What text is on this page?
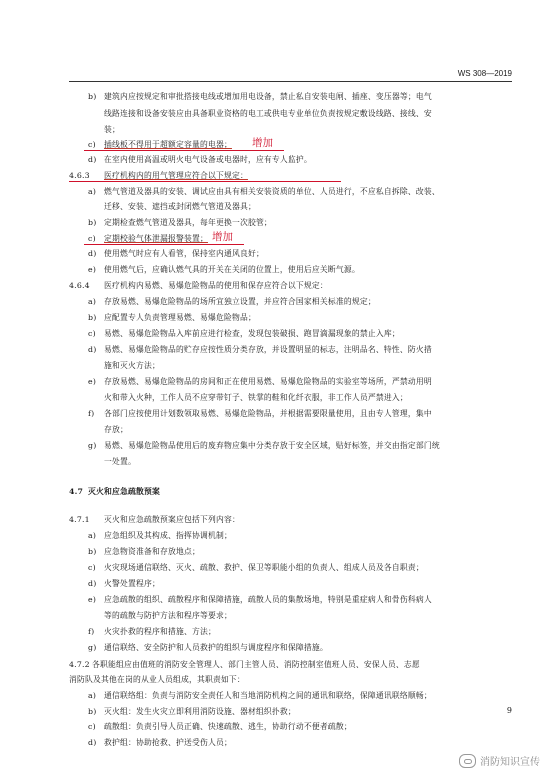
WS 308—2019
b) 建筑内应按规定和审批搭接电线或增加用电设备，禁止私自安装电闸、插座、变压器等；电气
线路连接和设备安装应由具备职业资格的电工或供电专业单位负责按规定敷设线路、接线、安
装；
c) 插线板不得用于超额定容量的电器； 增加
d) 在室内使用高温或明火电气设备或电器时，应有专人监护。
4.6.3 医疗机构内的用气管理应符合以下规定：
a) 燃气管道及器具的安装、调试应由具有相关安装资质的单位、人员进行，不应私自拆除、改装、
迁移、安装、遮挡或封闭燃气管道及器具；
b) 定期检查燃气管道及器具，每年更换一次胶管；
c) 定期校验气体泄漏报警装置； 增加
d) 使用燃气时应有人看管，保持室内通风良好；
e) 使用燃气后，应确认燃气具的开关在关闭的位置上，使用后应关断气源。
4.6.4 医疗机构内易燃、易爆危险物品的使用和保存应符合以下规定：
a) 存放易燃、易爆危险物品的场所宜独立设置，并应符合国家相关标准的规定；
b) 应配置专人负责管理易燃、易爆危险物品；
c) 易燃、易爆危险物品入库前应进行检查，发现包装破损、跑冒滴漏现象的禁止入库；
d) 易燃、易爆危险物品的贮存应按性质分类存放，并设置明显的标志，注明品名、特性、防火措
施和灭火方法；
e) 存放易燃、易爆危险物品的房间和正在使用易燃、易爆危险物品的实验室等场所，严禁动用明
火和带入火种，工作人员不应穿带钉子、铁掌的鞋和化纤衣服，非工作人员严禁进入；
f) 各部门应按使用计划数领取易燃、易爆危险物品，并根据需要限量使用，且由专人管理，集中
存放；
g) 易燃、易爆危险物品使用后的废弃物应集中分类存放于安全区域，贴好标签，并交由指定部门统
一处置。
4.7 灭火和应急疏散预案
4.7.1 灭火和应急疏散预案应包括下列内容：
a) 应急组织及其构成、指挥协调机制；
b) 应急物资准备和存放地点；
c) 火灾现场通信联络、灭火、疏散、救护、保卫等职能小组的负责人、组成人员及各自职责；
d) 火警处置程序；
e) 应急疏散的组织、疏散程序和保障措施，疏散人员的集散场地，特别是重症病人和骨伤科病人
等的疏散与防护方法和程序等要求；
f) 火灾扑救的程序和措施、方法；
g) 通信联络、安全防护和人员救护的组织与调度程序和保障措施。
4.7.2 各职能组应由值班的消防安全管理人、部门主管人员、消防控制室值班人员、安保人员、志愿
消防队及其他在岗的从业人员组成，其职责如下：
a) 通信联络组：负责与消防安全责任人和当地消防机构之间的通讯和联络，保障通讯联络顺畅；
b) 灭火组：发生火灾立即利用消防设施、器材组织扑救；
c) 疏散组：负责引导人员正确、快速疏散、逃生，协助行动不便者疏散；
d) 救护组：协助抢救、护送受伤人员；
9
消防知识宣传
